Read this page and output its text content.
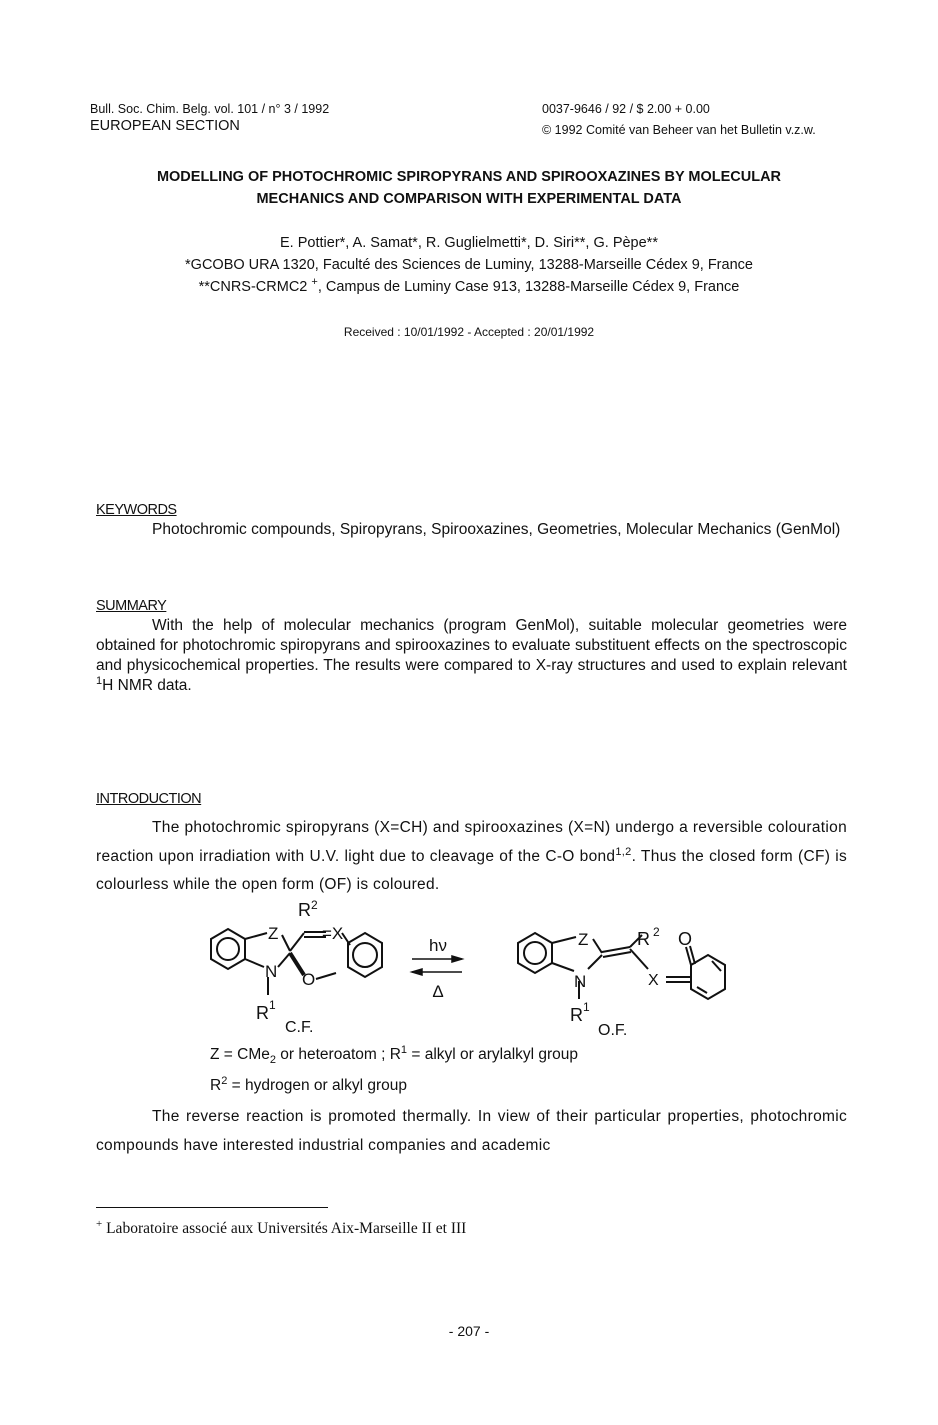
Bull. Soc. Chim. Belg. vol. 101 / n° 3 / 1992
EUROPEAN SECTION
0037-9646 / 92 / $ 2.00 + 0.00
© 1992 Comité van Beheer van het Bulletin v.z.w.
MODELLING OF PHOTOCHROMIC SPIROPYRANS AND SPIROOXAZINES BY MOLECULAR
MECHANICS AND COMPARISON WITH EXPERIMENTAL DATA
E. Pottier*, A. Samat*, R. Guglielmetti*, D. Siri**, G. Pèpe**
*GCOBO URA 1320, Faculté des Sciences de Luminy, 13288-Marseille Cédex 9, France
**CNRS-CRMC2 +, Campus de Luminy Case 913, 13288-Marseille Cédex 9, France
Received : 10/01/1992 - Accepted : 20/01/1992
KEYWORDS
Photochromic compounds, Spiropyrans, Spirooxazines, Geometries, Molecular Mechanics (GenMol)
SUMMARY
With the help of molecular mechanics (program GenMol), suitable molecular geometries were obtained for photochromic spiropyrans and spirooxazines to evaluate substituent effects on the spectroscopic and physicochemical properties. The results were compared to X-ray structures and used to explain relevant $^1$H NMR data.
INTRODUCTION
The photochromic spiropyrans (X=CH) and spirooxazines (X=N) undergo a reversible colouration reaction upon irradiation with U.V. light due to cleavage of the C-O bond$^{1,2}$. Thus the closed form (CF) is colourless while the open form (OF) is coloured.
$R^2$
Z	=X
N O
$R^1$
C.F.
hν
Δ
Z	R $^2$ O
X
N
$R^1$
O.F.
Z = CMe$_2$ or heteroatom ; $R^1$ = alkyl or arylalkyl group
$R^2$ = hydrogen or alkyl group
The reverse reaction is promoted thermally. In view of their particular properties, photochromic compounds have interested industrial companies and academic
+ Laboratoire associé aux Universités Aix-Marseille II et III
- 207 -
